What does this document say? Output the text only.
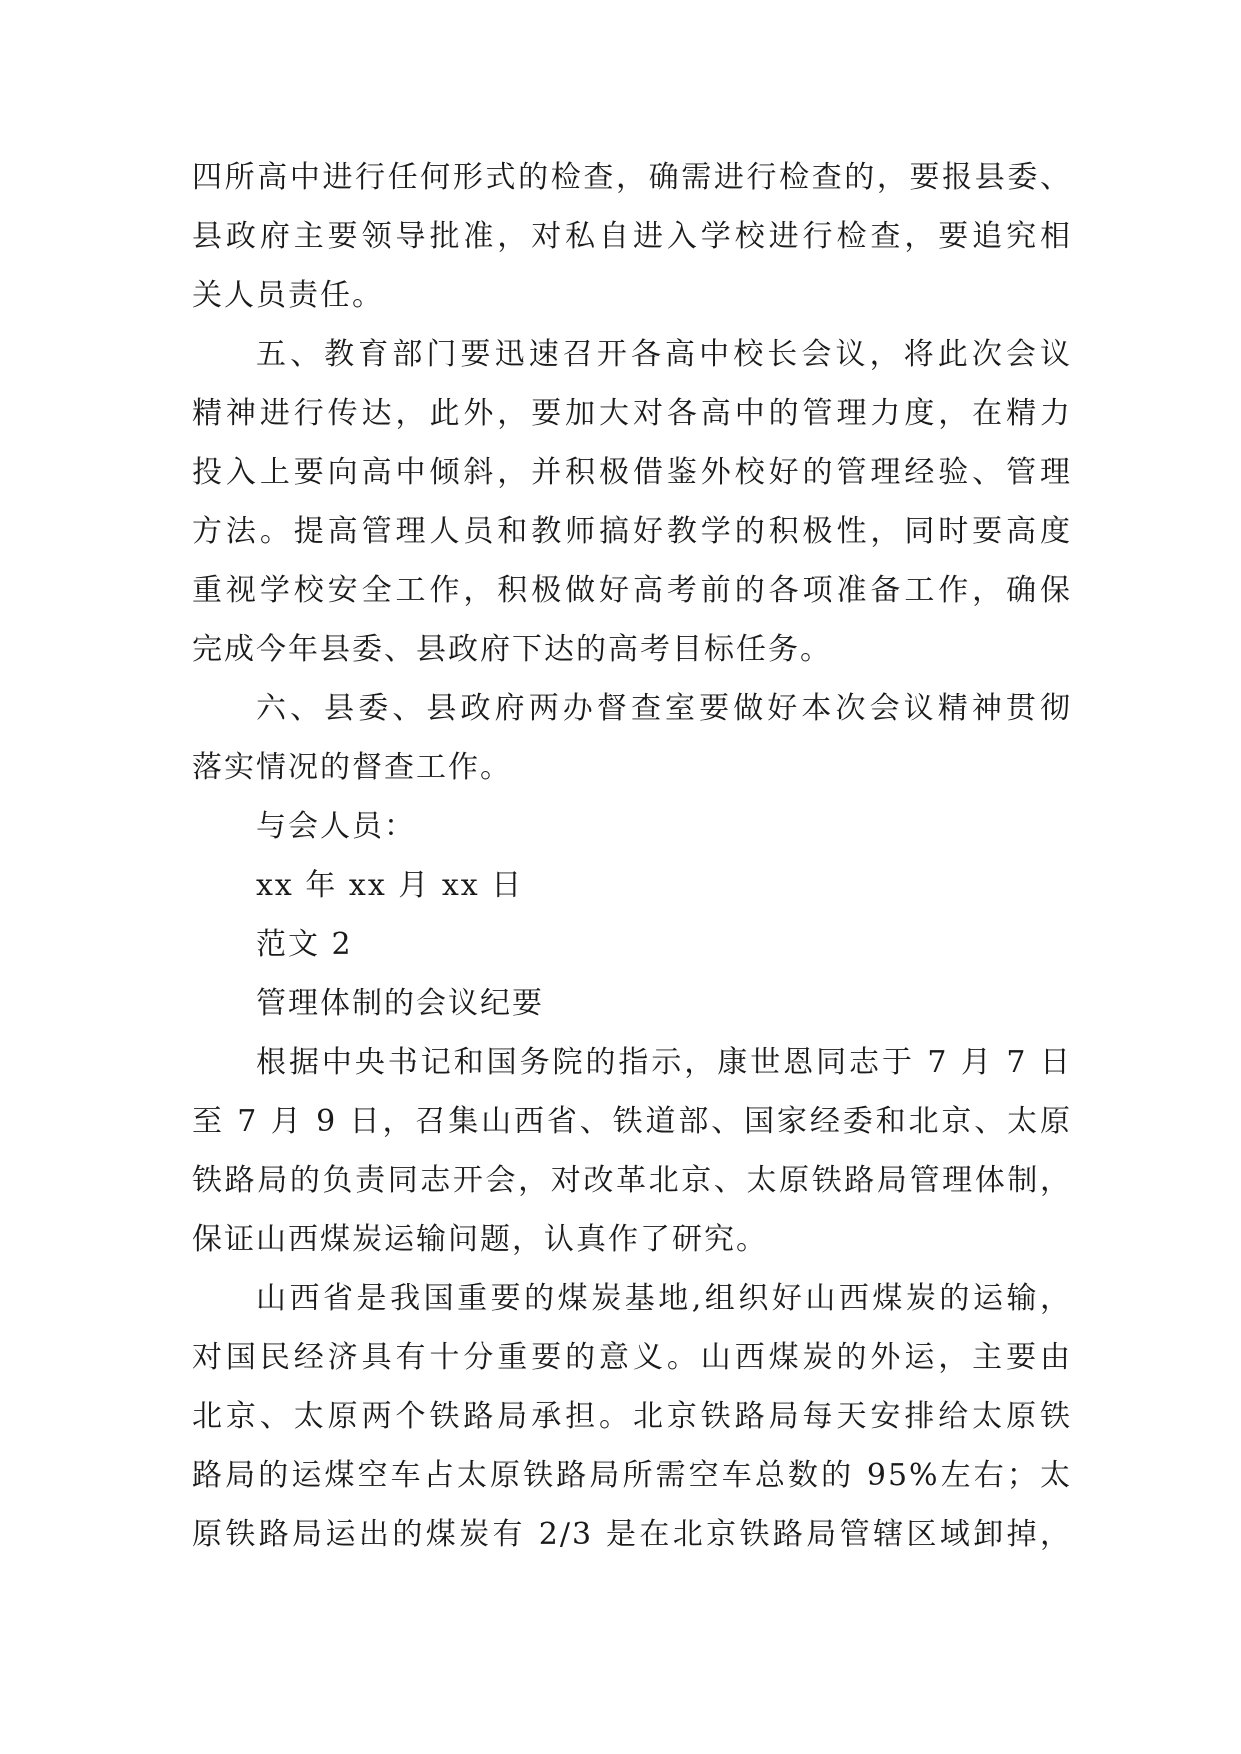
四所高中进行任何形式的检查，确需进行检查的，要报县委、
县政府主要领导批准，对私自进入学校进行检查，要追究相
关人员责任。
五、教育部门要迅速召开各高中校长会议，将此次会议
精神进行传达，此外，要加大对各高中的管理力度，在精力
投入上要向高中倾斜，并积极借鉴外校好的管理经验、管理
方法。提高管理人员和教师搞好教学的积极性，同时要高度
重视学校安全工作，积极做好高考前的各项准备工作，确保
完成今年县委、县政府下达的高考目标任务。
六、县委、县政府两办督查室要做好本次会议精神贯彻
落实情况的督查工作。
与会人员：
xx 年 xx 月 xx 日
范文 2
管理体制的会议纪要
根据中央书记和国务院的指示，康世恩同志于 7 月 7 日
至 7 月 9 日，召集山西省、铁道部、国家经委和北京、太原
铁路局的负责同志开会，对改革北京、太原铁路局管理体制，
保证山西煤炭运输问题，认真作了研究。
山西省是我国重要的煤炭基地,组织好山西煤炭的运输，
对国民经济具有十分重要的意义。山西煤炭的外运，主要由
北京、太原两个铁路局承担。北京铁路局每天安排给太原铁
路局的运煤空车占太原铁路局所需空车总数的 95%左右；太
原铁路局运出的煤炭有 2/3 是在北京铁路局管辖区域卸掉，
